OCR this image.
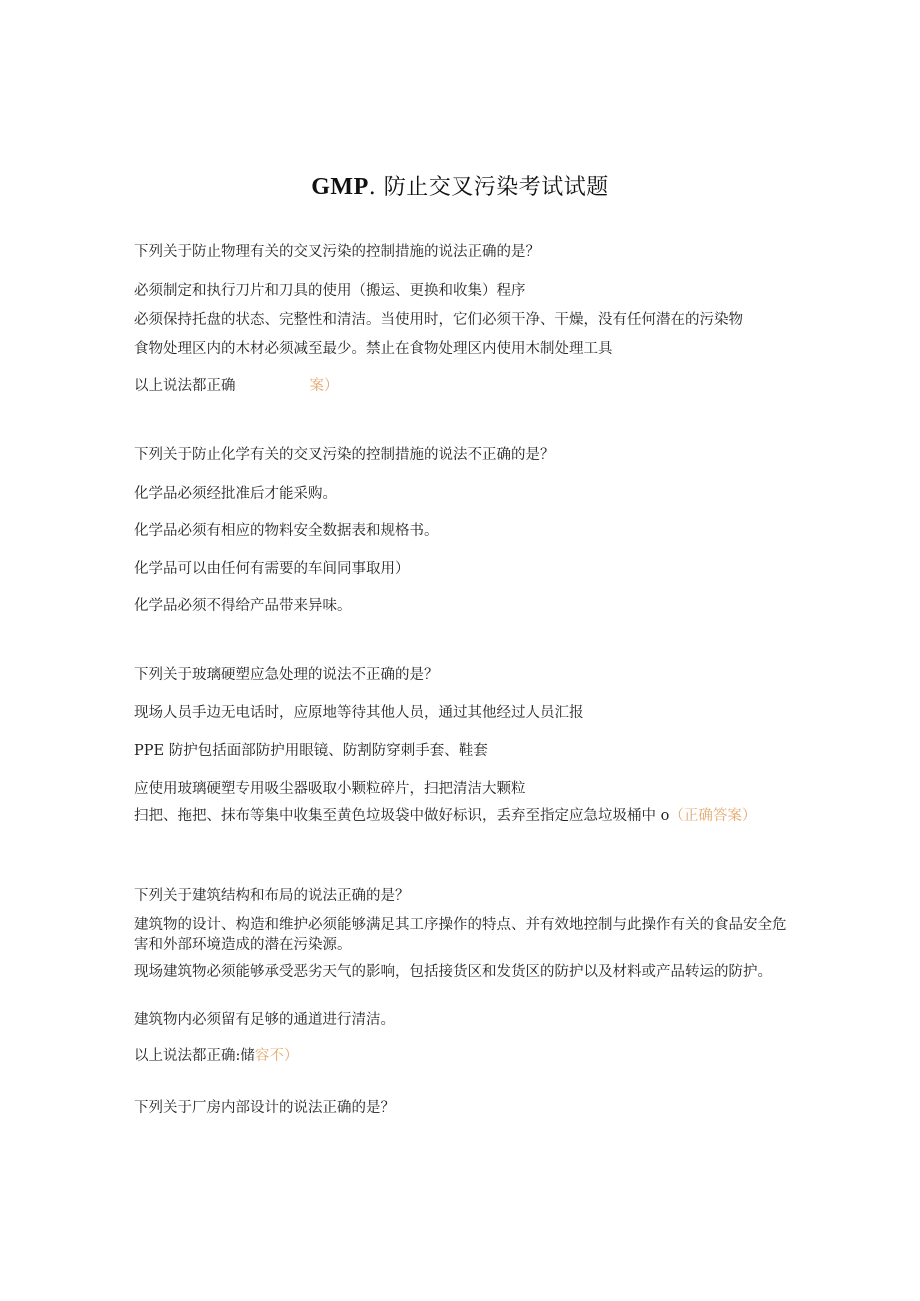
GMP. 防止交叉污染考试试题
下列关于防止物理有关的交叉污染的控制措施的说法正确的是？
必须制定和执行刀片和刀具的使用（搬运、更换和收集）程序
必须保持托盘的状态、完整性和清洁。当使用时，它们必须干净、干燥，没有任何潜在的污染物
食物处理区内的木材必须减至最少。禁止在食物处理区内使用木制处理工具
以上说法都正确	案）
下列关于防止化学有关的交叉污染的控制措施的说法不正确的是？
化学品必须经批准后才能采购。
化学品必须有相应的物料安全数据表和规格书。
化学品可以由任何有需要的车间同事取用）
化学品必须不得给产品带来异味。
下列关于玻璃硬塑应急处理的说法不正确的是？
现场人员手边无电话时，应原地等待其他人员，通过其他经过人员汇报
PPE 防护包括面部防护用眼镜、防割防穿刺手套、鞋套
应使用玻璃硬塑专用吸尘器吸取小颗粒碎片，扫把清洁大颗粒
扫把、拖把、抹布等集中收集至黄色垃圾袋中做好标识，丢弃至指定应急垃圾桶中 o（正确答案）
下列关于建筑结构和布局的说法正确的是？
建筑物的设计、构造和维护必须能够满足其工序操作的特点、并有效地控制与此操作有关的食品安全危害和外部环境造成的潜在污染源。
现场建筑物必须能够承受恶劣天气的影响，包括接货区和发货区的防护以及材料或产品转运的防护。
建筑物内必须留有足够的通道进行清洁。
以上说法都正确:储容不）
下列关于厂房内部设计的说法正确的是？
